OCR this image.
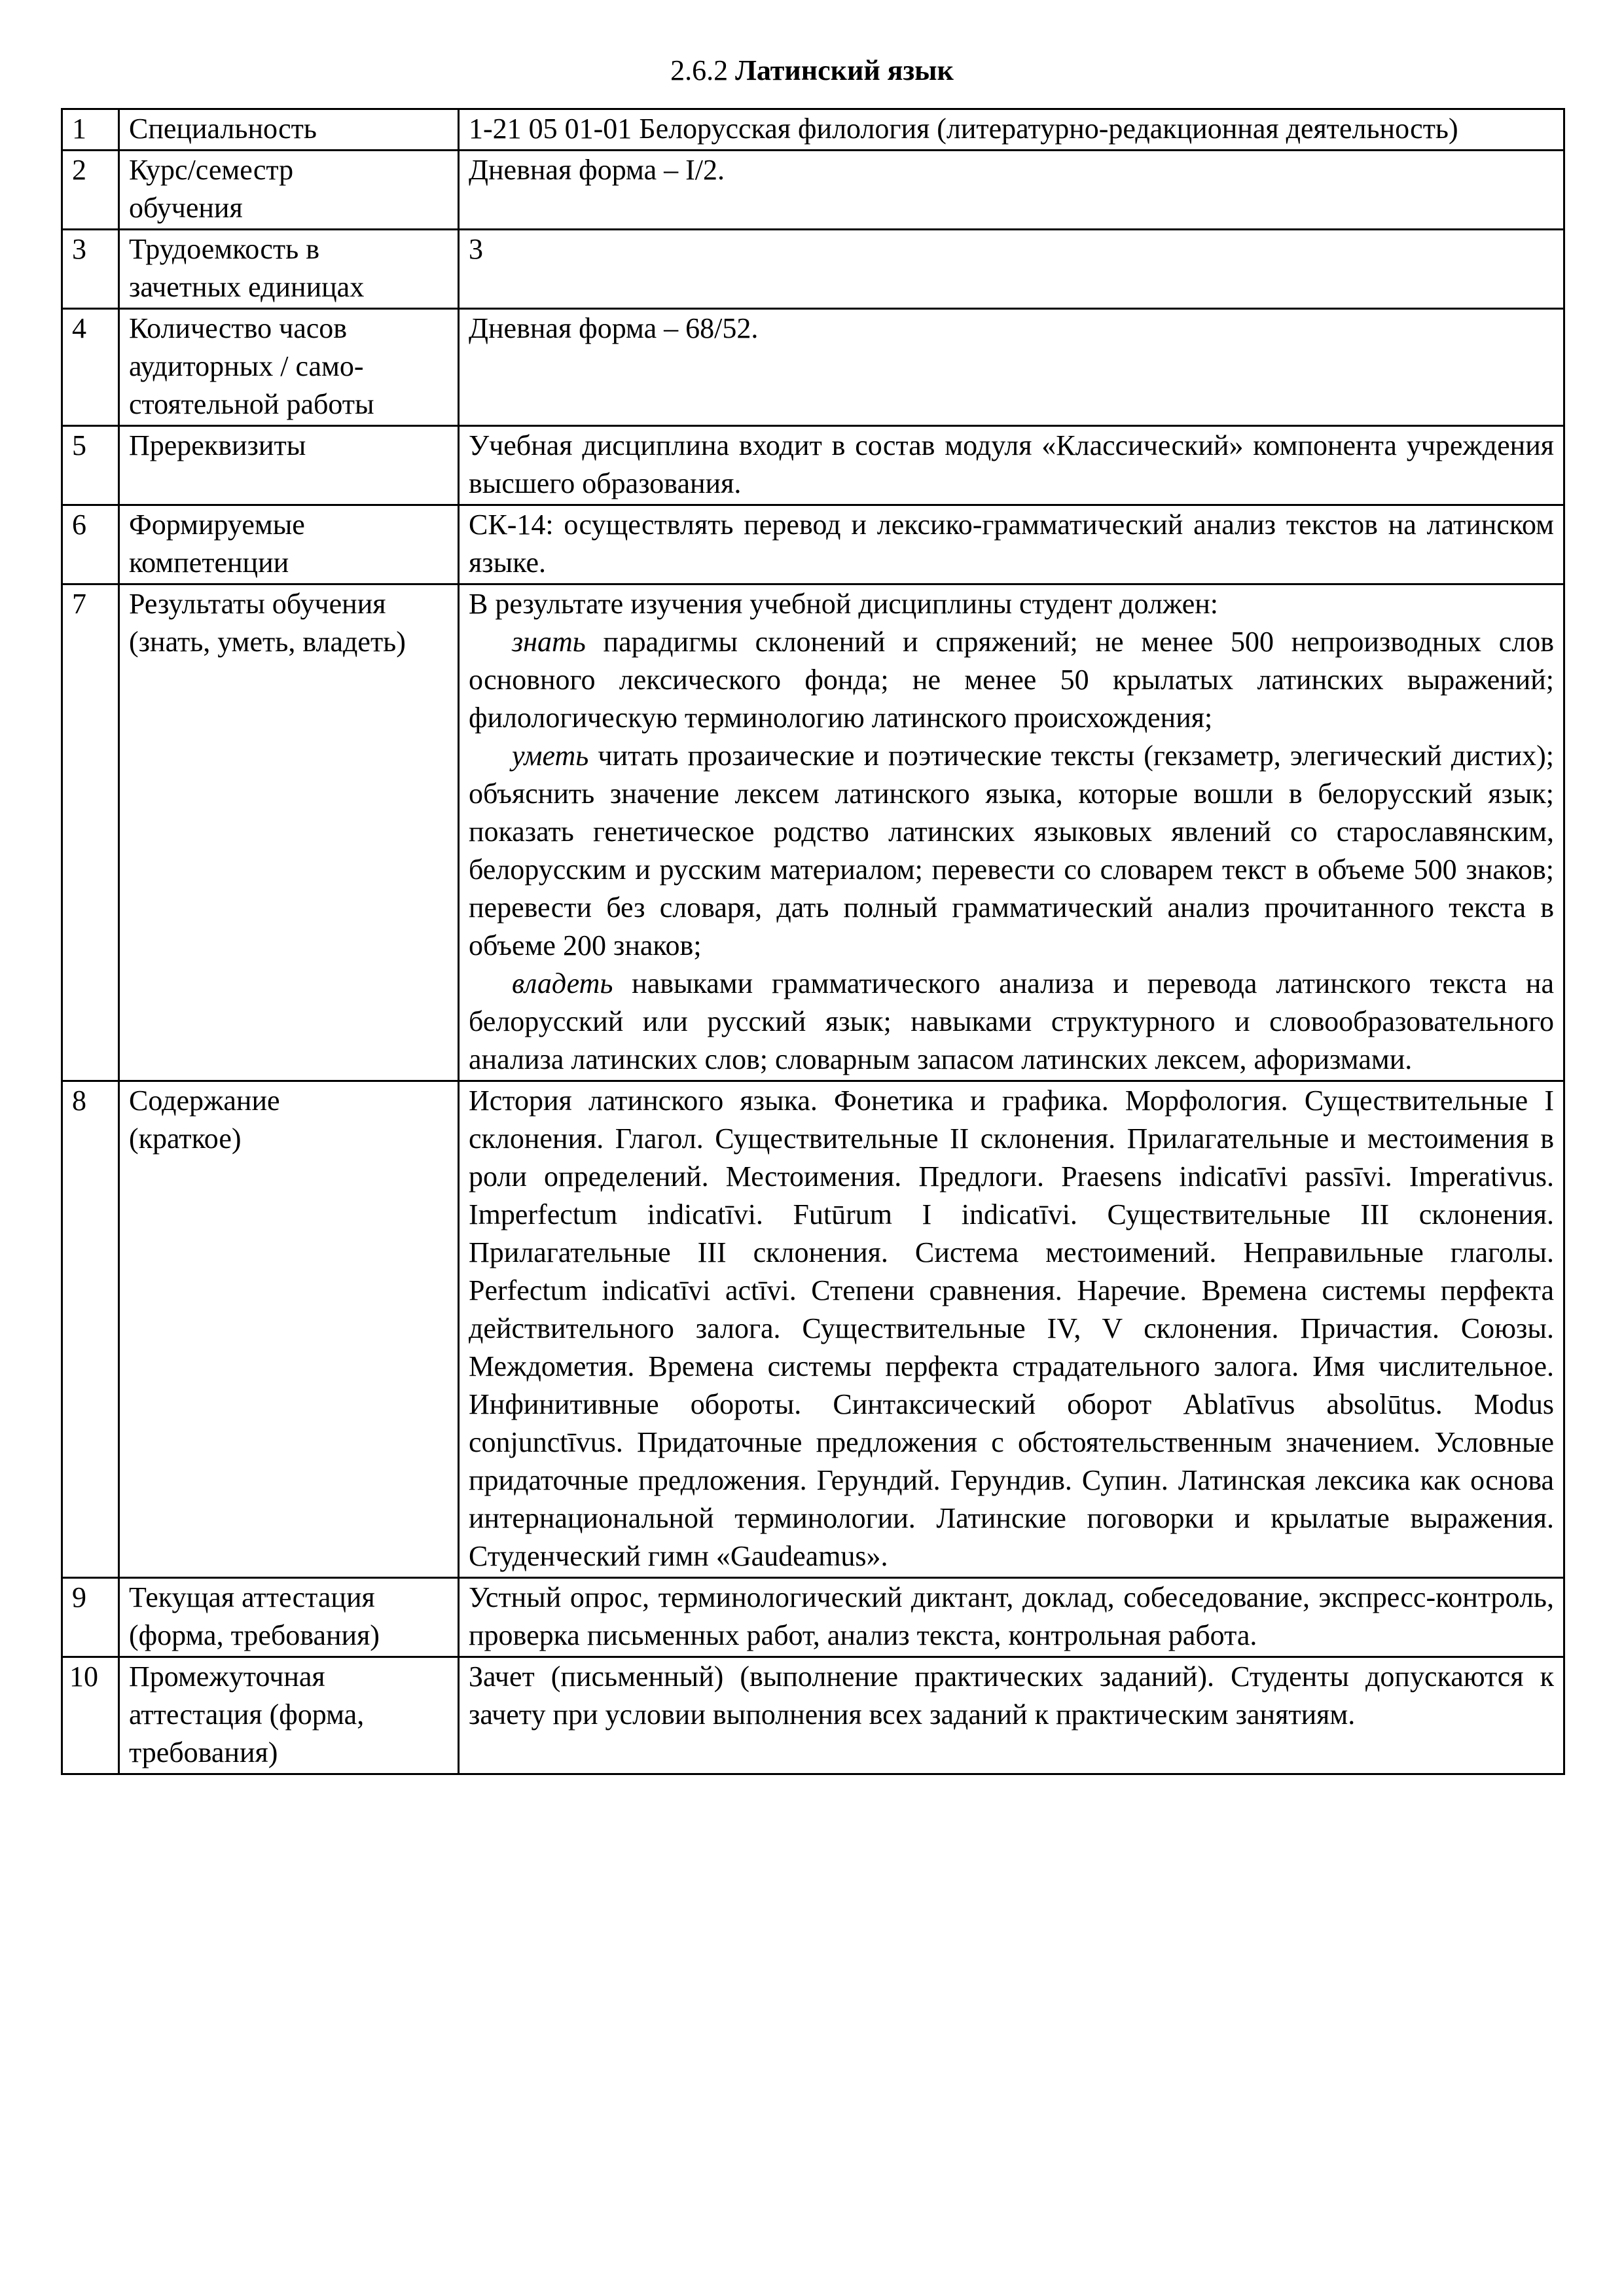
2.6.2 Латинский язык
1	Специальность	1-21 05 01-01 Белорусская филология (литературно-редакционная деятельность)
2	Курс/семестр обучения	Дневная форма – I/2.
3	Трудоемкость в зачетных единицах	3
4	Количество часов аудиторных / само-стоятельной работы	Дневная форма – 68/52.
5	Пререквизиты	Учебная дисциплина входит в состав модуля «Классический» компонента учреждения высшего образования.
6	Формируемые компетенции	СК-14: осуществлять перевод и лексико-грамматический анализ текстов на латинском языке.
7	Результаты обучения (знать, уметь, владеть)	В результате изучения учебной дисциплины студент должен:

знать парадигмы склонений и спряжений; не менее 500 непроизводных слов основного лексического фонда; не менее 50 крылатых латинских выражений; филологическую терминологию латинского происхождения;

уметь читать прозаические и поэтические тексты (гекзаметр, элегический дистих); объяснить значение лексем латинского языка, которые вошли в белорусский язык; показать генетическое родство латинских языковых явлений со старославянским, белорусским и русским материалом; перевести со словарем текст в объеме 500 знаков; перевести без словаря, дать полный грамматический анализ прочитанного текста в объеме 200 знаков;

владеть навыками грамматического анализа и перевода латинского текста на белорусский или русский язык; навыками структурного и словообразовательного анализа латинских слов; словарным запасом латинских лексем, афоризмами.

8	Содержание (краткое)	История латинского языка. Фонетика и графика. Морфология. Существительные I склонения. Глагол. Существительные II склонения. Прилагательные и местоимения в роли определений. Местоимения. Предлоги. Praesens indicatīvi passīvi. Imperativus. Imperfectum indicatīvi. Futūrum I indicatīvi. Существительные III склонения. Прилагательные III склонения. Система местоимений. Неправильные глаголы. Perfectum indicatīvi actīvi. Степени сравнения. Наречие. Времена системы перфекта действительного залога. Существительные IV, V склонения. Причастия. Союзы. Междометия. Времена системы перфекта страдательного залога. Имя числительное. Инфинитивные обороты. Синтаксический оборот Ablatīvus absolūtus. Modus conjunctīvus. Придаточные предложения с обстоятельственным значением. Условные придаточные предложения. Герундий. Герундив. Супин. Латинская лексика как основа интернациональной терминологии. Латинские поговорки и крылатые выражения. Студенческий гимн «Gaudeamus».
9	Текущая аттестация (форма, требования)	Устный опрос, терминологический диктант, доклад, собеседование, экспресс-контроль, проверка письменных работ, анализ текста, контрольная работа.
10	Промежуточная аттестация (форма, требования)	Зачет (письменный) (выполнение практических заданий). Студенты допускаются к зачету при условии выполнения всех заданий к практическим занятиям.
